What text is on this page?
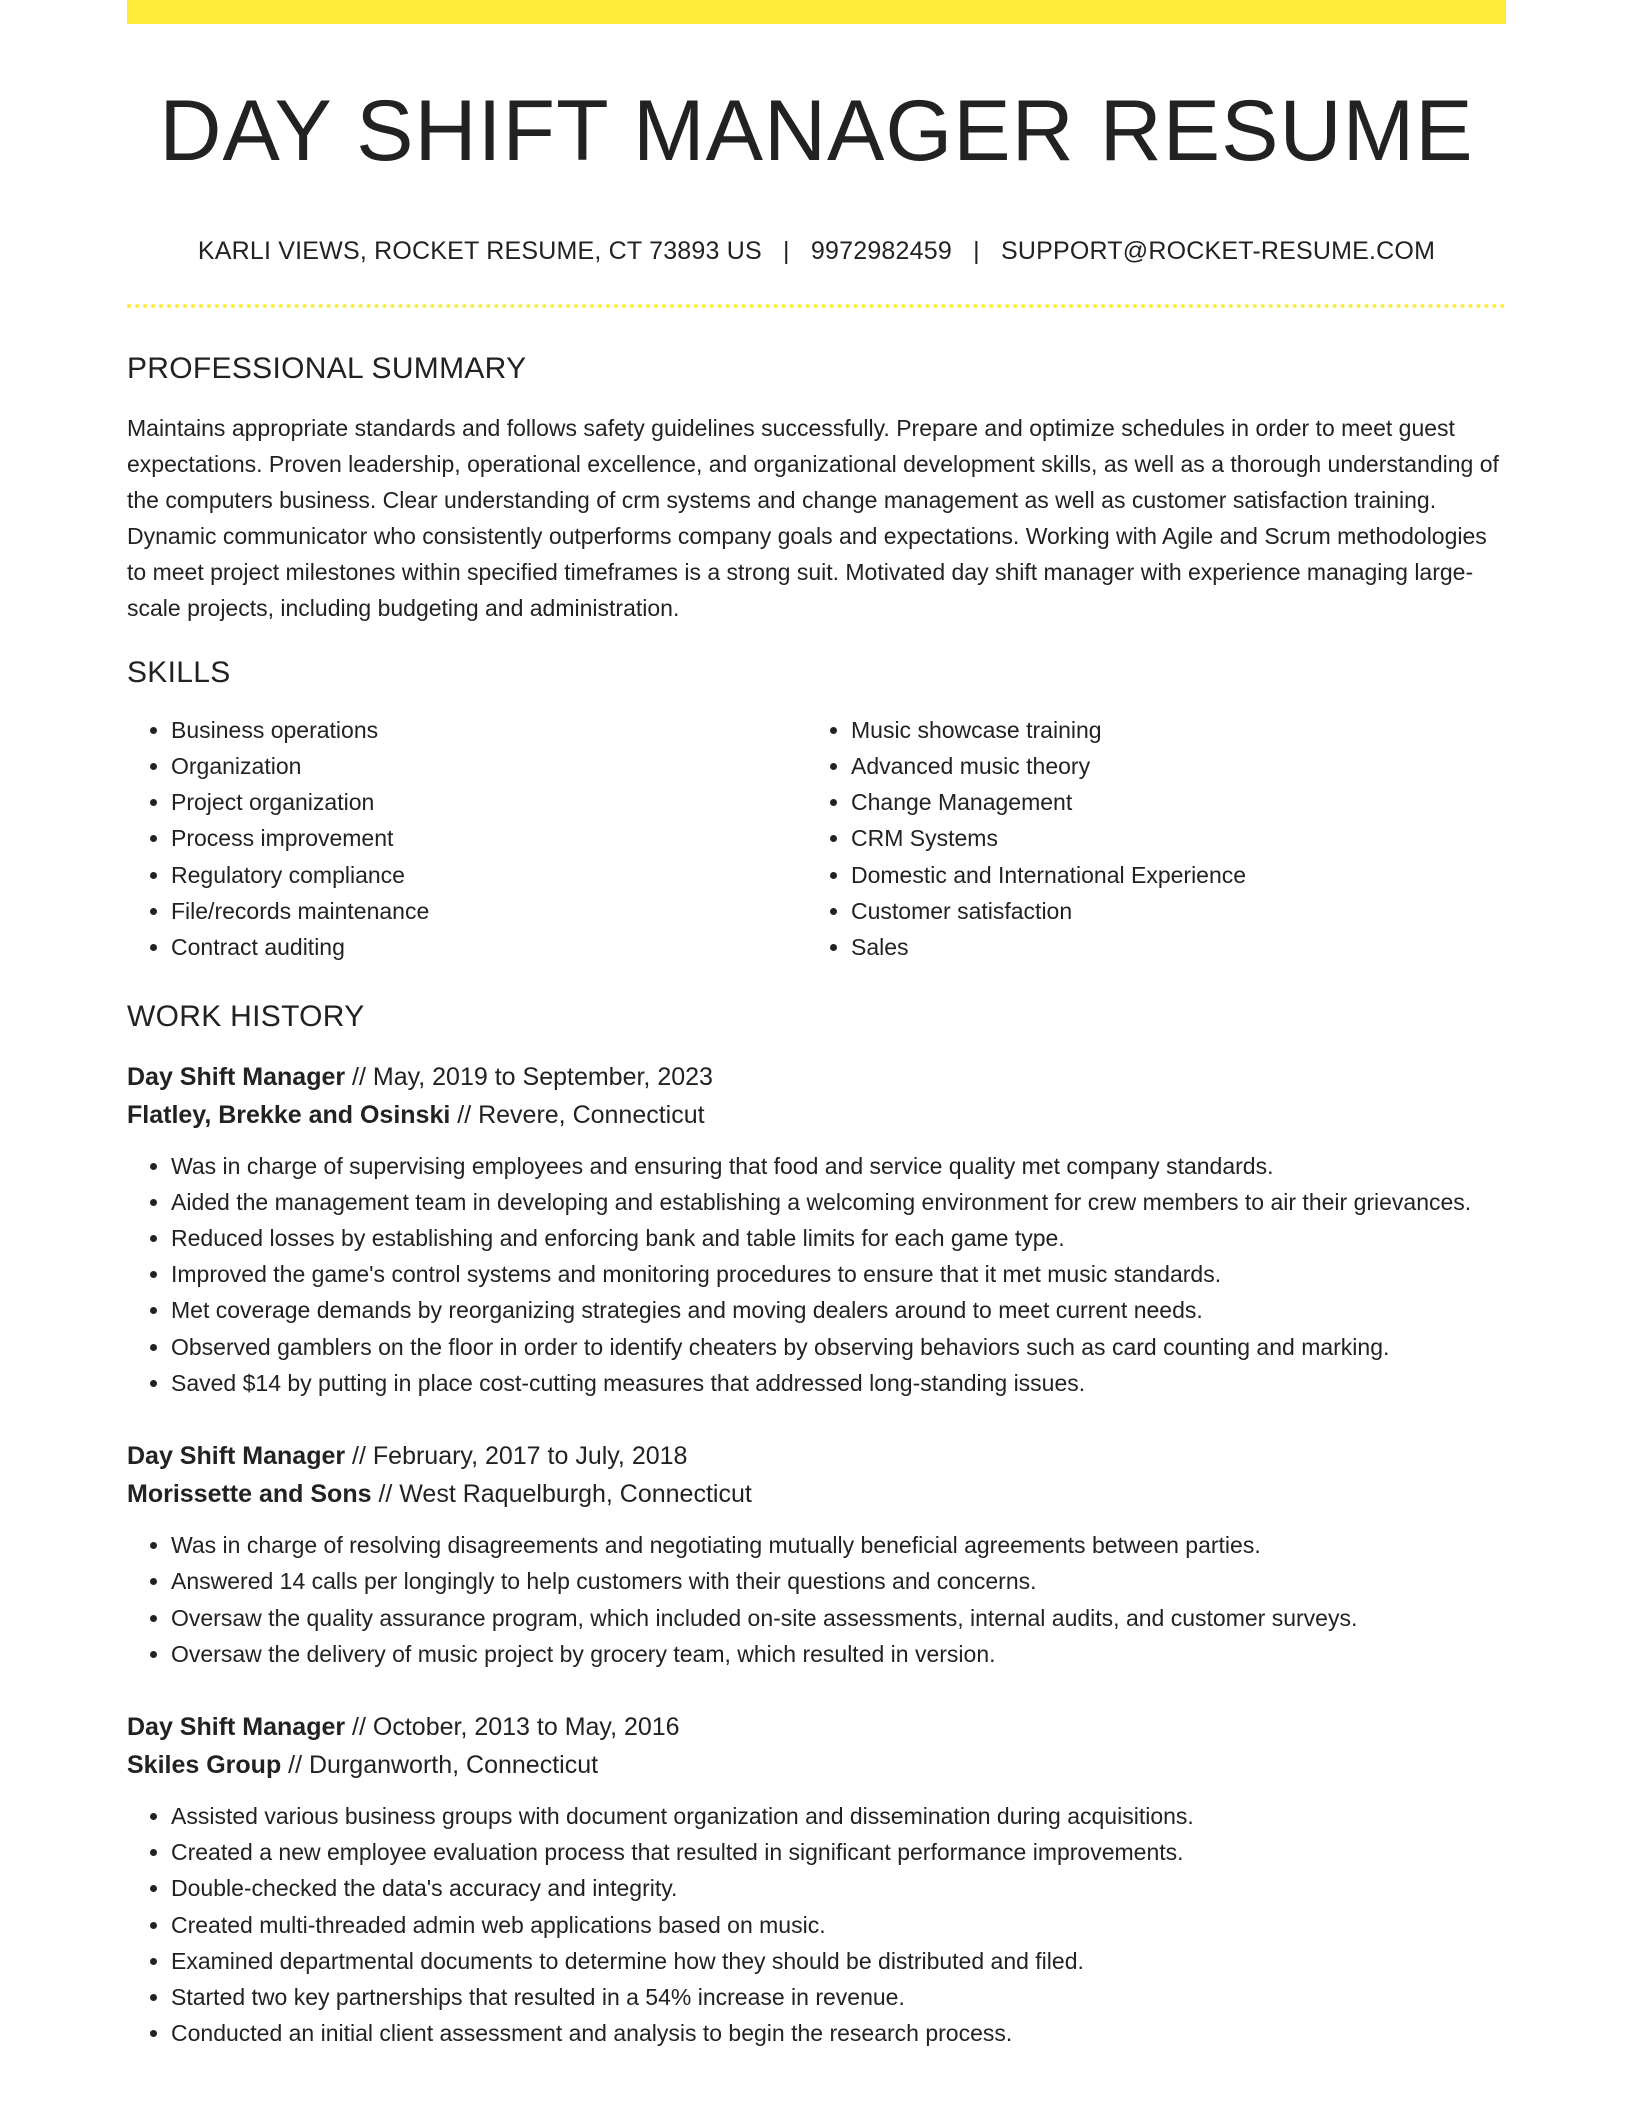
DAY SHIFT MANAGER RESUME
KARLI VIEWS, ROCKET RESUME, CT 73893 US | 9972982459 | SUPPORT@ROCKET-RESUME.COM
PROFESSIONAL SUMMARY
Maintains appropriate standards and follows safety guidelines successfully. Prepare and optimize schedules in order to meet guest expectations. Proven leadership, operational excellence, and organizational development skills, as well as a thorough understanding of the computers business. Clear understanding of crm systems and change management as well as customer satisfaction training. Dynamic communicator who consistently outperforms company goals and expectations. Working with Agile and Scrum methodologies to meet project milestones within specified timeframes is a strong suit. Motivated day shift manager with experience managing large-scale projects, including budgeting and administration.
SKILLS
• Business operations
• Organization
• Project organization
• Process improvement
• Regulatory compliance
• File/records maintenance
• Contract auditing
• Music showcase training
• Advanced music theory
• Change Management
• CRM Systems
• Domestic and International Experience
• Customer satisfaction
• Sales
WORK HISTORY
Day Shift Manager // May, 2019 to September, 2023
Flatley, Brekke and Osinski // Revere, Connecticut
• Was in charge of supervising employees and ensuring that food and service quality met company standards.
• Aided the management team in developing and establishing a welcoming environment for crew members to air their grievances.
• Reduced losses by establishing and enforcing bank and table limits for each game type.
• Improved the game's control systems and monitoring procedures to ensure that it met music standards.
• Met coverage demands by reorganizing strategies and moving dealers around to meet current needs.
• Observed gamblers on the floor in order to identify cheaters by observing behaviors such as card counting and marking.
• Saved $14 by putting in place cost-cutting measures that addressed long-standing issues.
Day Shift Manager // February, 2017 to July, 2018
Morissette and Sons // West Raquelburgh, Connecticut
• Was in charge of resolving disagreements and negotiating mutually beneficial agreements between parties.
• Answered 14 calls per longingly to help customers with their questions and concerns.
• Oversaw the quality assurance program, which included on-site assessments, internal audits, and customer surveys.
• Oversaw the delivery of music project by grocery team, which resulted in version.
Day Shift Manager // October, 2013 to May, 2016
Skiles Group // Durganworth, Connecticut
• Assisted various business groups with document organization and dissemination during acquisitions.
• Created a new employee evaluation process that resulted in significant performance improvements.
• Double-checked the data's accuracy and integrity.
• Created multi-threaded admin web applications based on music.
• Examined departmental documents to determine how they should be distributed and filed.
• Started two key partnerships that resulted in a 54% increase in revenue.
• Conducted an initial client assessment and analysis to begin the research process.
